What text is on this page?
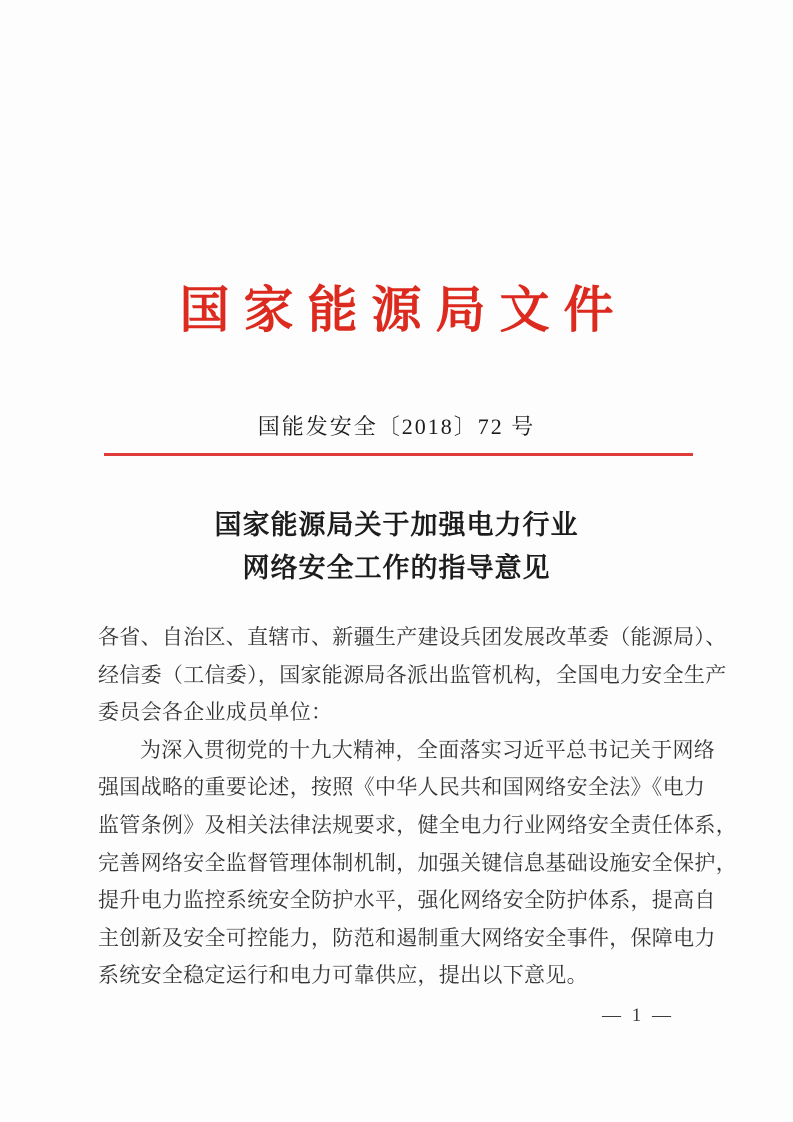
国家能源局文件
国能发安全〔2018〕72 号
国家能源局关于加强电力行业
网络安全工作的指导意见
各省、自治区、直辖市、新疆生产建设兵团发展改革委（能源局）、
经信委（工信委），国家能源局各派出监管机构，全国电力安全生产
委员会各企业成员单位：
为深入贯彻党的十九大精神，全面落实习近平总书记关于网络
强国战略的重要论述，按照《中华人民共和国网络安全法》《电力
监管条例》及相关法律法规要求，健全电力行业网络安全责任体系，
完善网络安全监督管理体制机制，加强关键信息基础设施安全保护，
提升电力监控系统安全防护水平，强化网络安全防护体系，提高自
主创新及安全可控能力，防范和遏制重大网络安全事件，保障电力
系统安全稳定运行和电力可靠供应，提出以下意见。
— 1 —
